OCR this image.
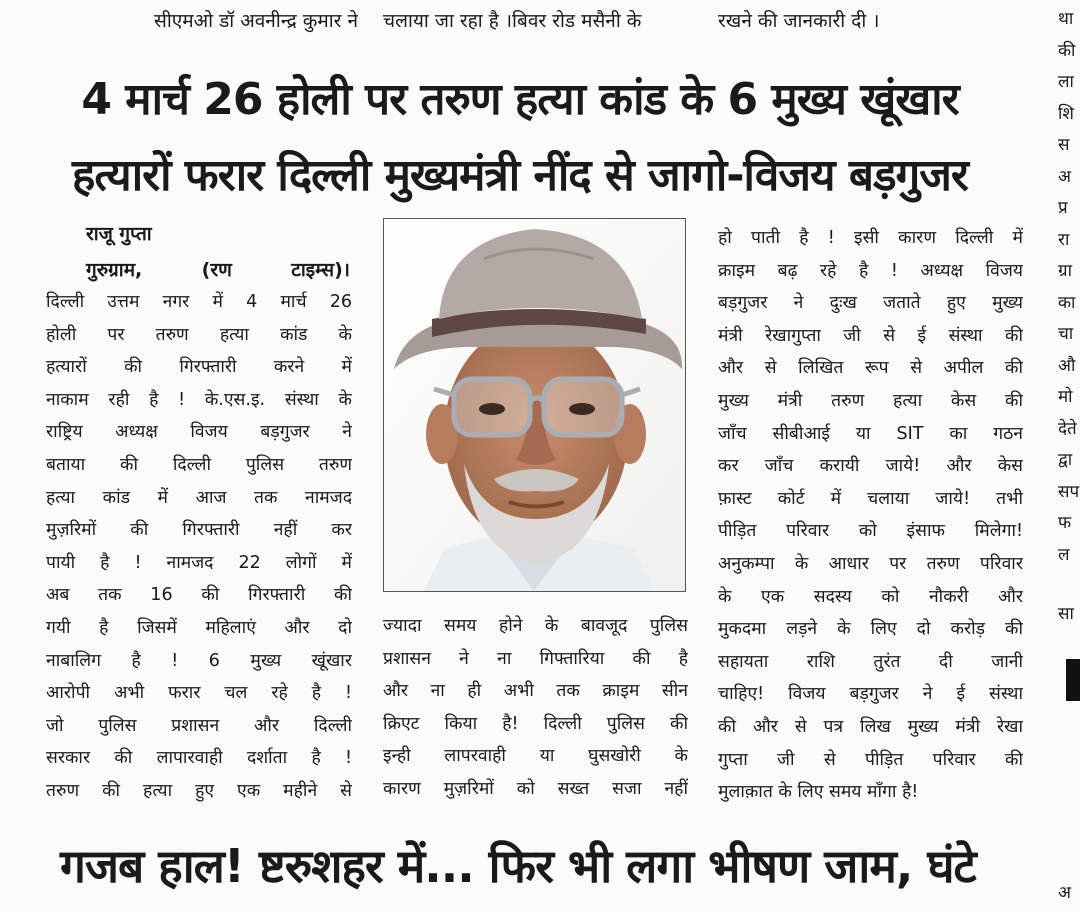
सीएमओ डॉ अवनीन्द्र कुमार ने चलाया जा रहा है ।बिवर रोड मसैनी के	रखने की जानकारी दी ।
4 मार्च 26 होली पर तरुण हत्या कांड के 6 मुख्य खूंखार
हत्यारों फरार दिल्ली मुख्यमंत्री नींद से जागो-विजय बड़गुजर
राजू गुप्ता
गुरुग्राम, (रण टाइम्स)।

दिल्ली उत्तम नगर में 4 मार्च 26

होली पर तरुण हत्या कांड के

हत्यारों की गिरफ्तारी करने में

नाकाम रही है ! के.एस.इ. संस्था के

राष्ट्रिय अध्यक्ष विजय बड़गुजर ने

बताया की दिल्ली पुलिस तरुण

हत्या कांड में आज तक नामजद

मुज़रिमों की गिरफ्तारी नहीं कर

पायी है ! नामजद 22 लोगों में

अब तक 16 की गिरफ्तारी की

गयी है जिसमें महिलाएं और दो

नाबालिग है ! 6 मुख्य खूंखार

आरोपी अभी फरार चल रहे है !

जो पुलिस प्रशासन और दिल्ली

सरकार की लापारवाही दर्शाता है !

तरुण की हत्या हुए एक महीने से

ज्यादा समय होने के बावजूद पुलिस

प्रशासन ने ना गिफ्तारिया की है

और ना ही अभी तक क्राइम सीन

क्रिएट किया है! दिल्ली पुलिस की

इन्ही लापरवाही या घुसखोरी के

कारण मुज़रिमों को सख्त सजा नहीं

हो पाती है ! इसी कारण दिल्ली में

क्राइम बढ़ रहे है ! अध्यक्ष विजय

बड़गुजर ने दुःख जताते हुए मुख्य

मंत्री रेखागुप्ता जी से ई संस्था की

और से लिखित रूप से अपील की

मुख्य मंत्री तरुण हत्या केस की

जाँच सीबीआई या SIT का गठन

कर जाँच करायी जाये! और केस

फ़ास्ट कोर्ट में चलाया जाये! तभी

पीड़ित परिवार को इंसाफ मिलेगा!

अनुकम्पा के आधार पर तरुण परिवार

के एक सदस्य को नौकरी और

मुकदमा लड़ने के लिए दो करोड़ की

सहायता राशि तुरंत दी जानी

चाहिए! विजय बड़गुजर ने ई संस्था

की और से पत्र लिख मुख्य मंत्री रेखा

गुप्ता जी से पीड़ित परिवार की

मुलाक़ात के लिए समय माँगा है!

था
की
ला
शि
स
अ
प्र
रा
ग्रा
का
चा
औ
मो
देते
द्वा
सप
फ
ल
सा
अ
गजब हाल! ष्टरुशहर में... फिर भी लगा भीषण जाम, घंटे
